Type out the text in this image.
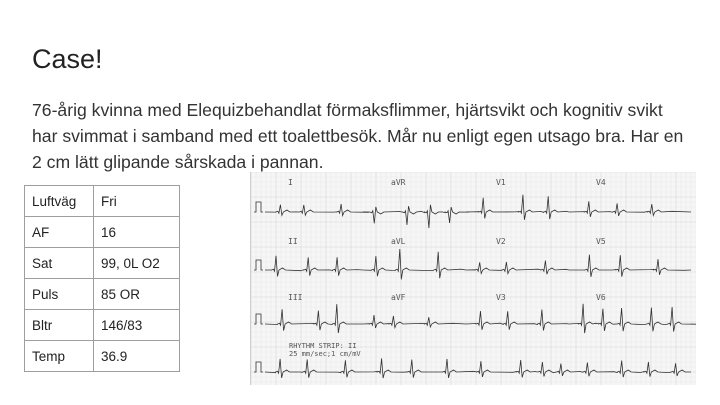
Case!
76-årig kvinna med Elequizbehandlat förmaksflimmer, hjärtsvikt och kognitiv svikt har svimmat i samband med ett toalettbesök. Mår nu enligt egen utsago bra. Har en 2 cm lätt glipande sårskada i pannan.
Luftväg	Fri
AF	16
Sat	99, 0L O2
Puls	85 OR
Bltr	146/83
Temp	36.9
I	aVR	V1	V4
II	aVL	V2	V5
III	aVF	V3	V6
RHYTHM STRIP: II
25 mm/sec;1 cm/mV
